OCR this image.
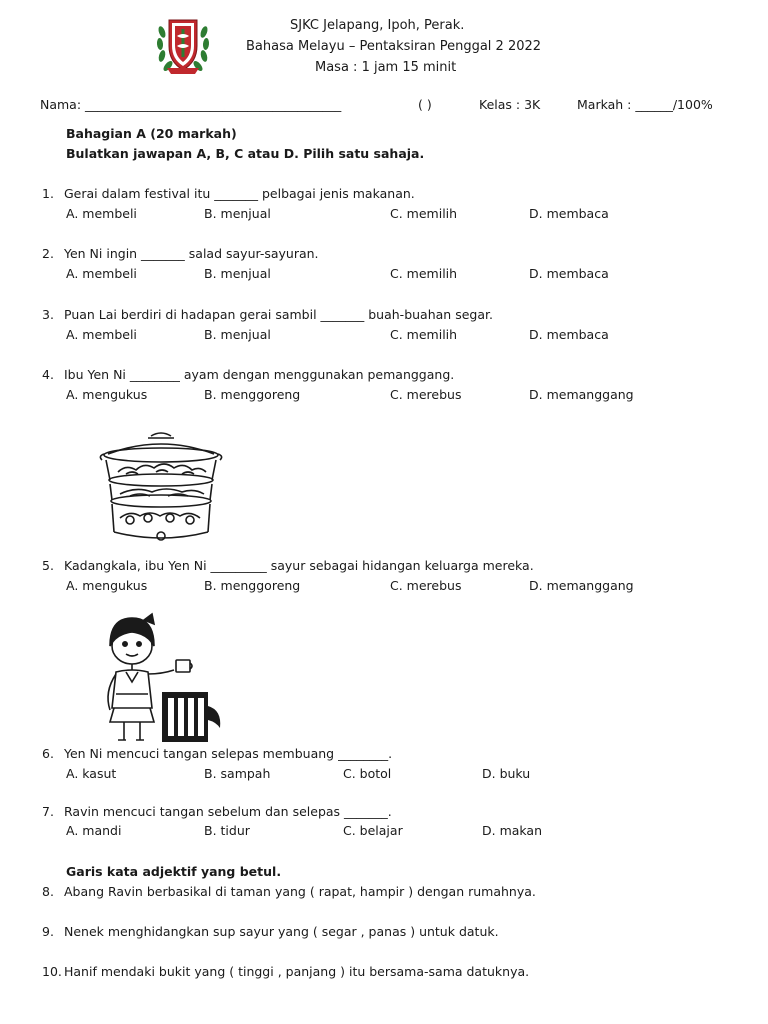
SJKC Jelapang, Ipoh, Perak.
Bahasa Melayu – Pentaksiran Penggal 2 2022
Masa : 1 jam 15 minit
Nama: _________________________________________	( )	Kelas : 3K	Markah : ______/100%
Bahagian A (20 markah)
Bulatkan jawapan A, B, C atau D. Pilih satu sahaja.
1. Gerai dalam festival itu _______ pelbagai jenis makanan.
A. membeli	B. menjual	C. memilih	D. membaca
2. Yen Ni ingin _______ salad sayur-sayuran.
A. membeli	B. menjual	C. memilih	D. membaca
3. Puan Lai berdiri di hadapan gerai sambil _______ buah-buahan segar.
A. membeli	B. menjual	C. memilih	D. membaca
4. Ibu Yen Ni ________ ayam dengan menggunakan pemanggang.
A. mengukus	B. menggoreng	C. merebus	D. memanggang
5. Kadangkala, ibu Yen Ni _________ sayur sebagai hidangan keluarga mereka.
A. mengukus	B. menggoreng	C. merebus	D. memanggang
6. Yen Ni mencuci tangan selepas membuang ________.
A. kasut	B. sampah	C. botol	D. buku
7. Ravin mencuci tangan sebelum dan selepas _______.
A. mandi	B. tidur	C. belajar	D. makan
Garis kata adjektif yang betul.
8. Abang Ravin berbasikal di taman yang ( rapat, hampir ) dengan rumahnya.
9. Nenek menghidangkan sup sayur yang ( segar , panas ) untuk datuk.
10. Hanif mendaki bukit yang ( tinggi , panjang ) itu bersama-sama datuknya.
